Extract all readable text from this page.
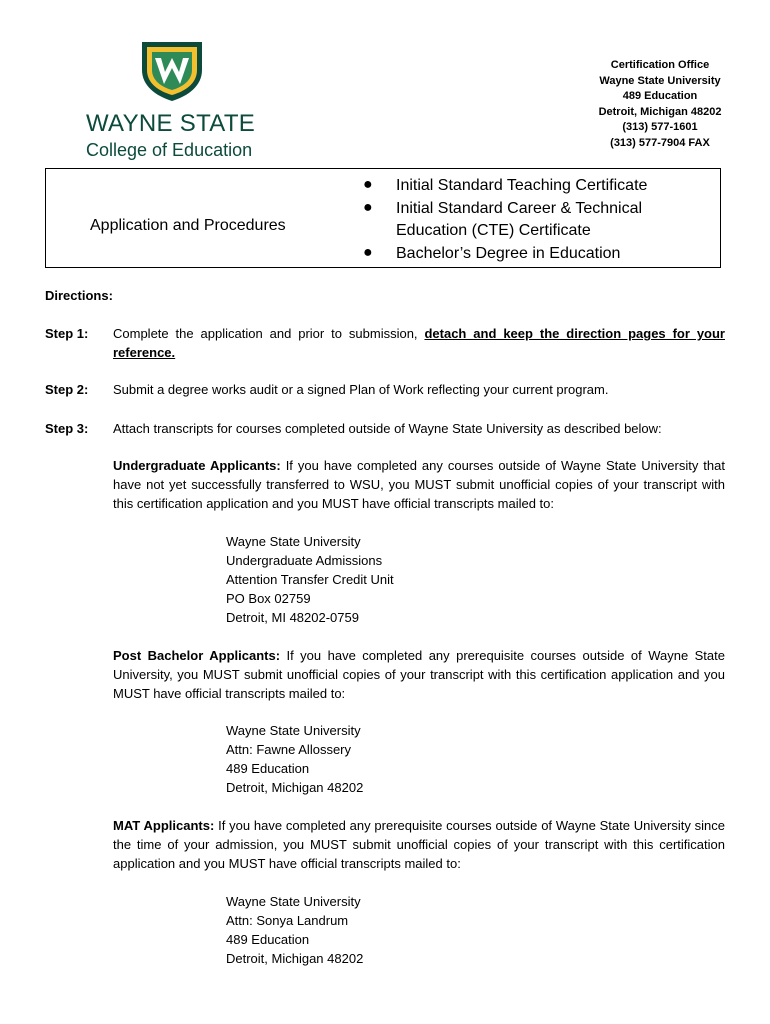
WAYNE STATE
College of Education
Certification Office
Wayne State University
489 Education
Detroit, Michigan 48202
(313) 577-1601
(313) 577-7904 FAX
Application and Procedures
● Initial Standard Teaching Certificate
● Initial Standard Career & Technical
Education (CTE) Certificate
● Bachelor’s Degree in Education
Directions:
Step 1: Complete the application and prior to submission, detach and keep the direction pages for your reference.
Step 2: Submit a degree works audit or a signed Plan of Work reflecting your current program.
Step 3: Attach transcripts for courses completed outside of Wayne State University as described below:
Undergraduate Applicants: If you have completed any courses outside of Wayne State University that have not yet successfully transferred to WSU, you MUST submit unofficial copies of your transcript with this certification application and you MUST have official transcripts mailed to:
Wayne State University
Undergraduate Admissions
Attention Transfer Credit Unit
PO Box 02759
Detroit, MI 48202-0759
Post Bachelor Applicants: If you have completed any prerequisite courses outside of Wayne State University, you MUST submit unofficial copies of your transcript with this certification application and you MUST have official transcripts mailed to:
Wayne State University
Attn: Fawne Allossery
489 Education
Detroit, Michigan 48202
MAT Applicants: If you have completed any prerequisite courses outside of Wayne State University since the time of your admission, you MUST submit unofficial copies of your transcript with this certification application and you MUST have official transcripts mailed to:
Wayne State University
Attn: Sonya Landrum
489 Education
Detroit, Michigan 48202
